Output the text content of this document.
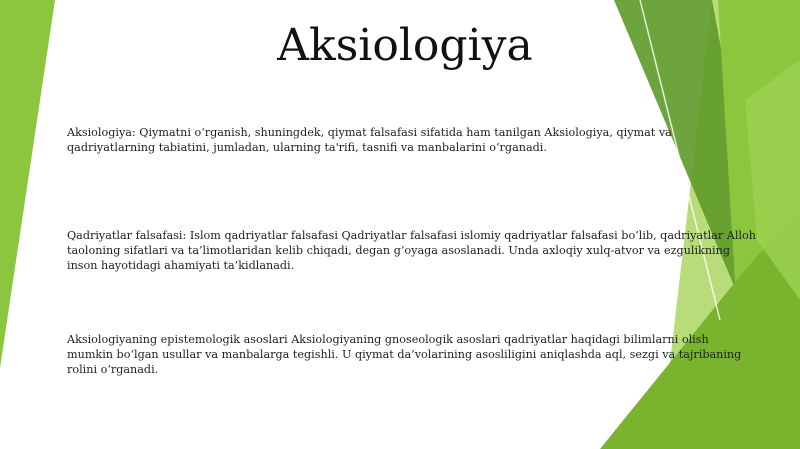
Aksiologiya

Aksiologiya: Qiymatni o‘rganish, shuningdek, qiymat falsafasi sifatida ham tanilgan Aksiologiya, qiymat va qadriyatlarning tabiatini, jumladan, ularning ta'rifi, tasnifi va manbalarini o‘rganadi.

Qadriyatlar falsafasi: Islom qadriyatlar falsafasi Qadriyatlar falsafasi islomiy qadriyatlar falsafasi bo‘lib, qadriyatlar Alloh taoloning sifatlari va ta’limotlaridan kelib chiqadi, degan g‘oyaga asoslanadi. Unda axloqiy xulq-atvor va ezgulikning inson hayotidagi ahamiyati ta’kidlanadi.

Aksiologiyaning epistemologik asoslari Aksiologiyaning gnoseologik asoslari qadriyatlar haqidagi bilimlarni olish mumkin bo‘lgan usullar va manbalarga tegishli. U qiymat da’volarining asosliligini aniqlashda aql, sezgi va tajribaning rolini o‘rganadi.
